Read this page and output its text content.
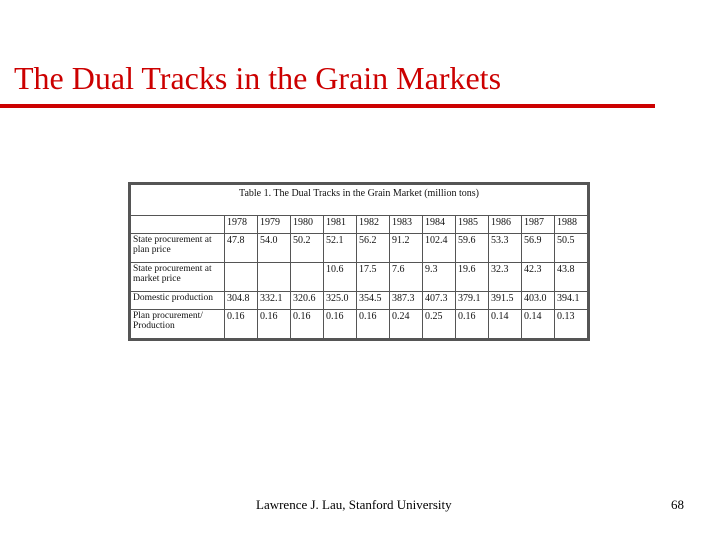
The Dual Tracks in the Grain Markets
Table 1. The Dual Tracks in the Grain Market (million tons)											
	1978	1979	1980	1981	1982	1983	1984	1985	1986	1987	1988
State procurement at plan price	47.8	54.0	50.2	52.1	56.2	91.2	102.4	59.6	53.3	56.9	50.5
State procurement at market price				10.6	17.5	7.6	9.3	19.6	32.3	42.3	43.8
Domestic production	304.8	332.1	320.6	325.0	354.5	387.3	407.3	379.1	391.5	403.0	394.1
Plan procurement/ Production	0.16	0.16	0.16	0.16	0.16	0.24	0.25	0.16	0.14	0.14	0.13
Lawrence J. Lau, Stanford University	68
